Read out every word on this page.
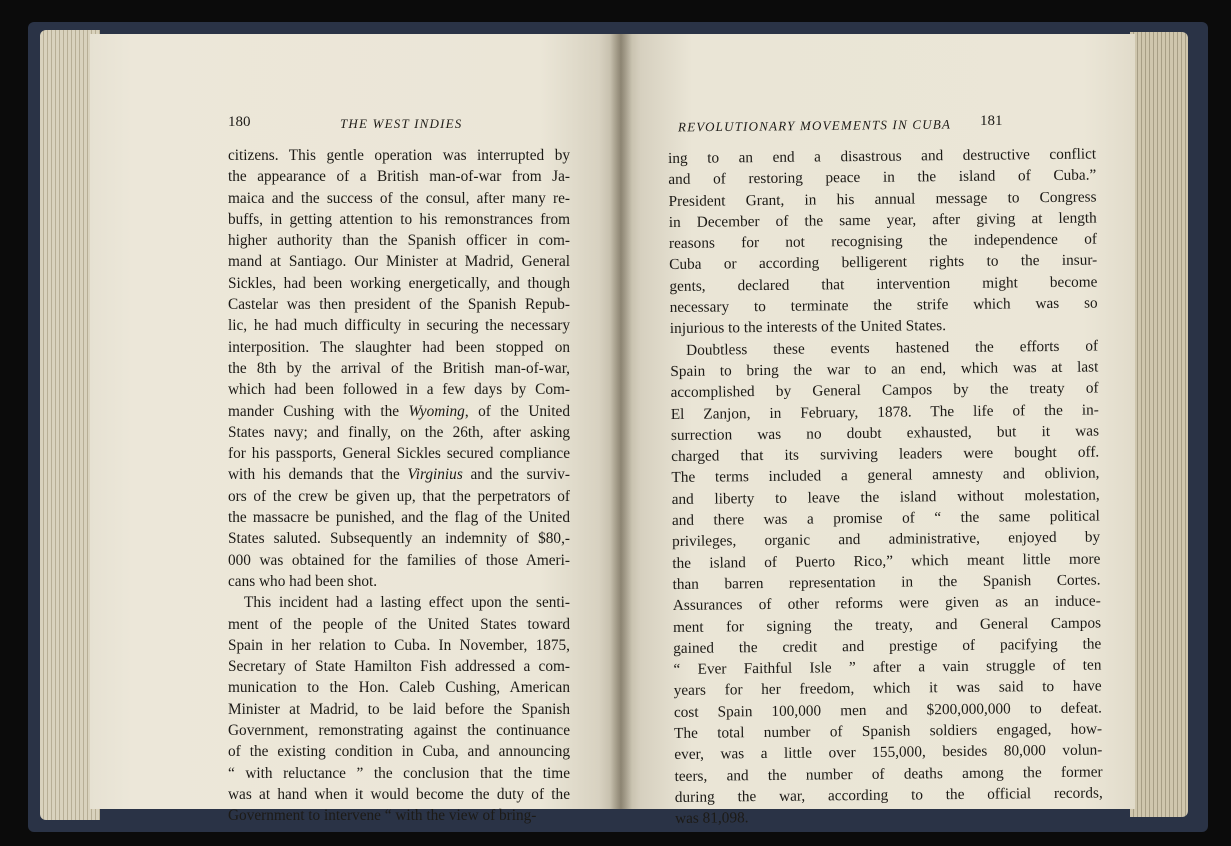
180	THE WEST INDIES	REVOLUTIONARY MOVEMENTS IN CUBA 181
citizens. This gentle operation was interrupted by
the appearance of a British man-of-war from Ja-
maica and the success of the consul, after many re-
buffs, in getting attention to his remonstrances from
higher authority than the Spanish officer in com-
mand at Santiago. Our Minister at Madrid, General
Sickles, had been working energetically, and though
Castelar was then president of the Spanish Repub-
lic, he had much difficulty in securing the necessary
interposition. The slaughter had been stopped on
the 8th by the arrival of the British man-of-war,
which had been followed in a few days by Com-
mander Cushing with the Wyoming, of the United
States navy; and finally, on the 26th, after asking
for his passports, General Sickles secured compliance
with his demands that the Virginius and the surviv-
ors of the crew be given up, that the perpetrators of
the massacre be punished, and the flag of the United
States saluted. Subsequently an indemnity of $80,-
000 was obtained for the families of those Ameri-
cans who had been shot.
This incident had a lasting effect upon the senti-
ment of the people of the United States toward
Spain in her relation to Cuba. In November, 1875,
Secretary of State Hamilton Fish addressed a com-
munication to the Hon. Caleb Cushing, American
Minister at Madrid, to be laid before the Spanish
Government, remonstrating against the continuance
of the existing condition in Cuba, and announcing
“ with reluctance ” the conclusion that the time
was at hand when it would become the duty of the
Government to intervene “ with the view of bring-
ing to an end a disastrous and destructive conflict
and of restoring peace in the island of Cuba.”
President Grant, in his annual message to Congress
in December of the same year, after giving at length
reasons for not recognising the independence of
Cuba or according belligerent rights to the insur-
gents, declared that intervention might become
necessary to terminate the strife which was so
injurious to the interests of the United States.
Doubtless these events hastened the efforts of
Spain to bring the war to an end, which was at last
accomplished by General Campos by the treaty of
El Zanjon, in February, 1878. The life of the in-
surrection was no doubt exhausted, but it was
charged that its surviving leaders were bought off.
The terms included a general amnesty and oblivion,
and liberty to leave the island without molestation,
and there was a promise of “ the same political
privileges, organic and administrative, enjoyed by
the island of Puerto Rico,” which meant little more
than barren representation in the Spanish Cortes.
Assurances of other reforms were given as an induce-
ment for signing the treaty, and General Campos
gained the credit and prestige of pacifying the
“ Ever Faithful Isle ” after a vain struggle of ten
years for her freedom, which it was said to have
cost Spain 100,000 men and $200,000,000 to defeat.
The total number of Spanish soldiers engaged, how-
ever, was a little over 155,000, besides 80,000 volun-
teers, and the number of deaths among the former
during the war, according to the official records,
was 81,098.
